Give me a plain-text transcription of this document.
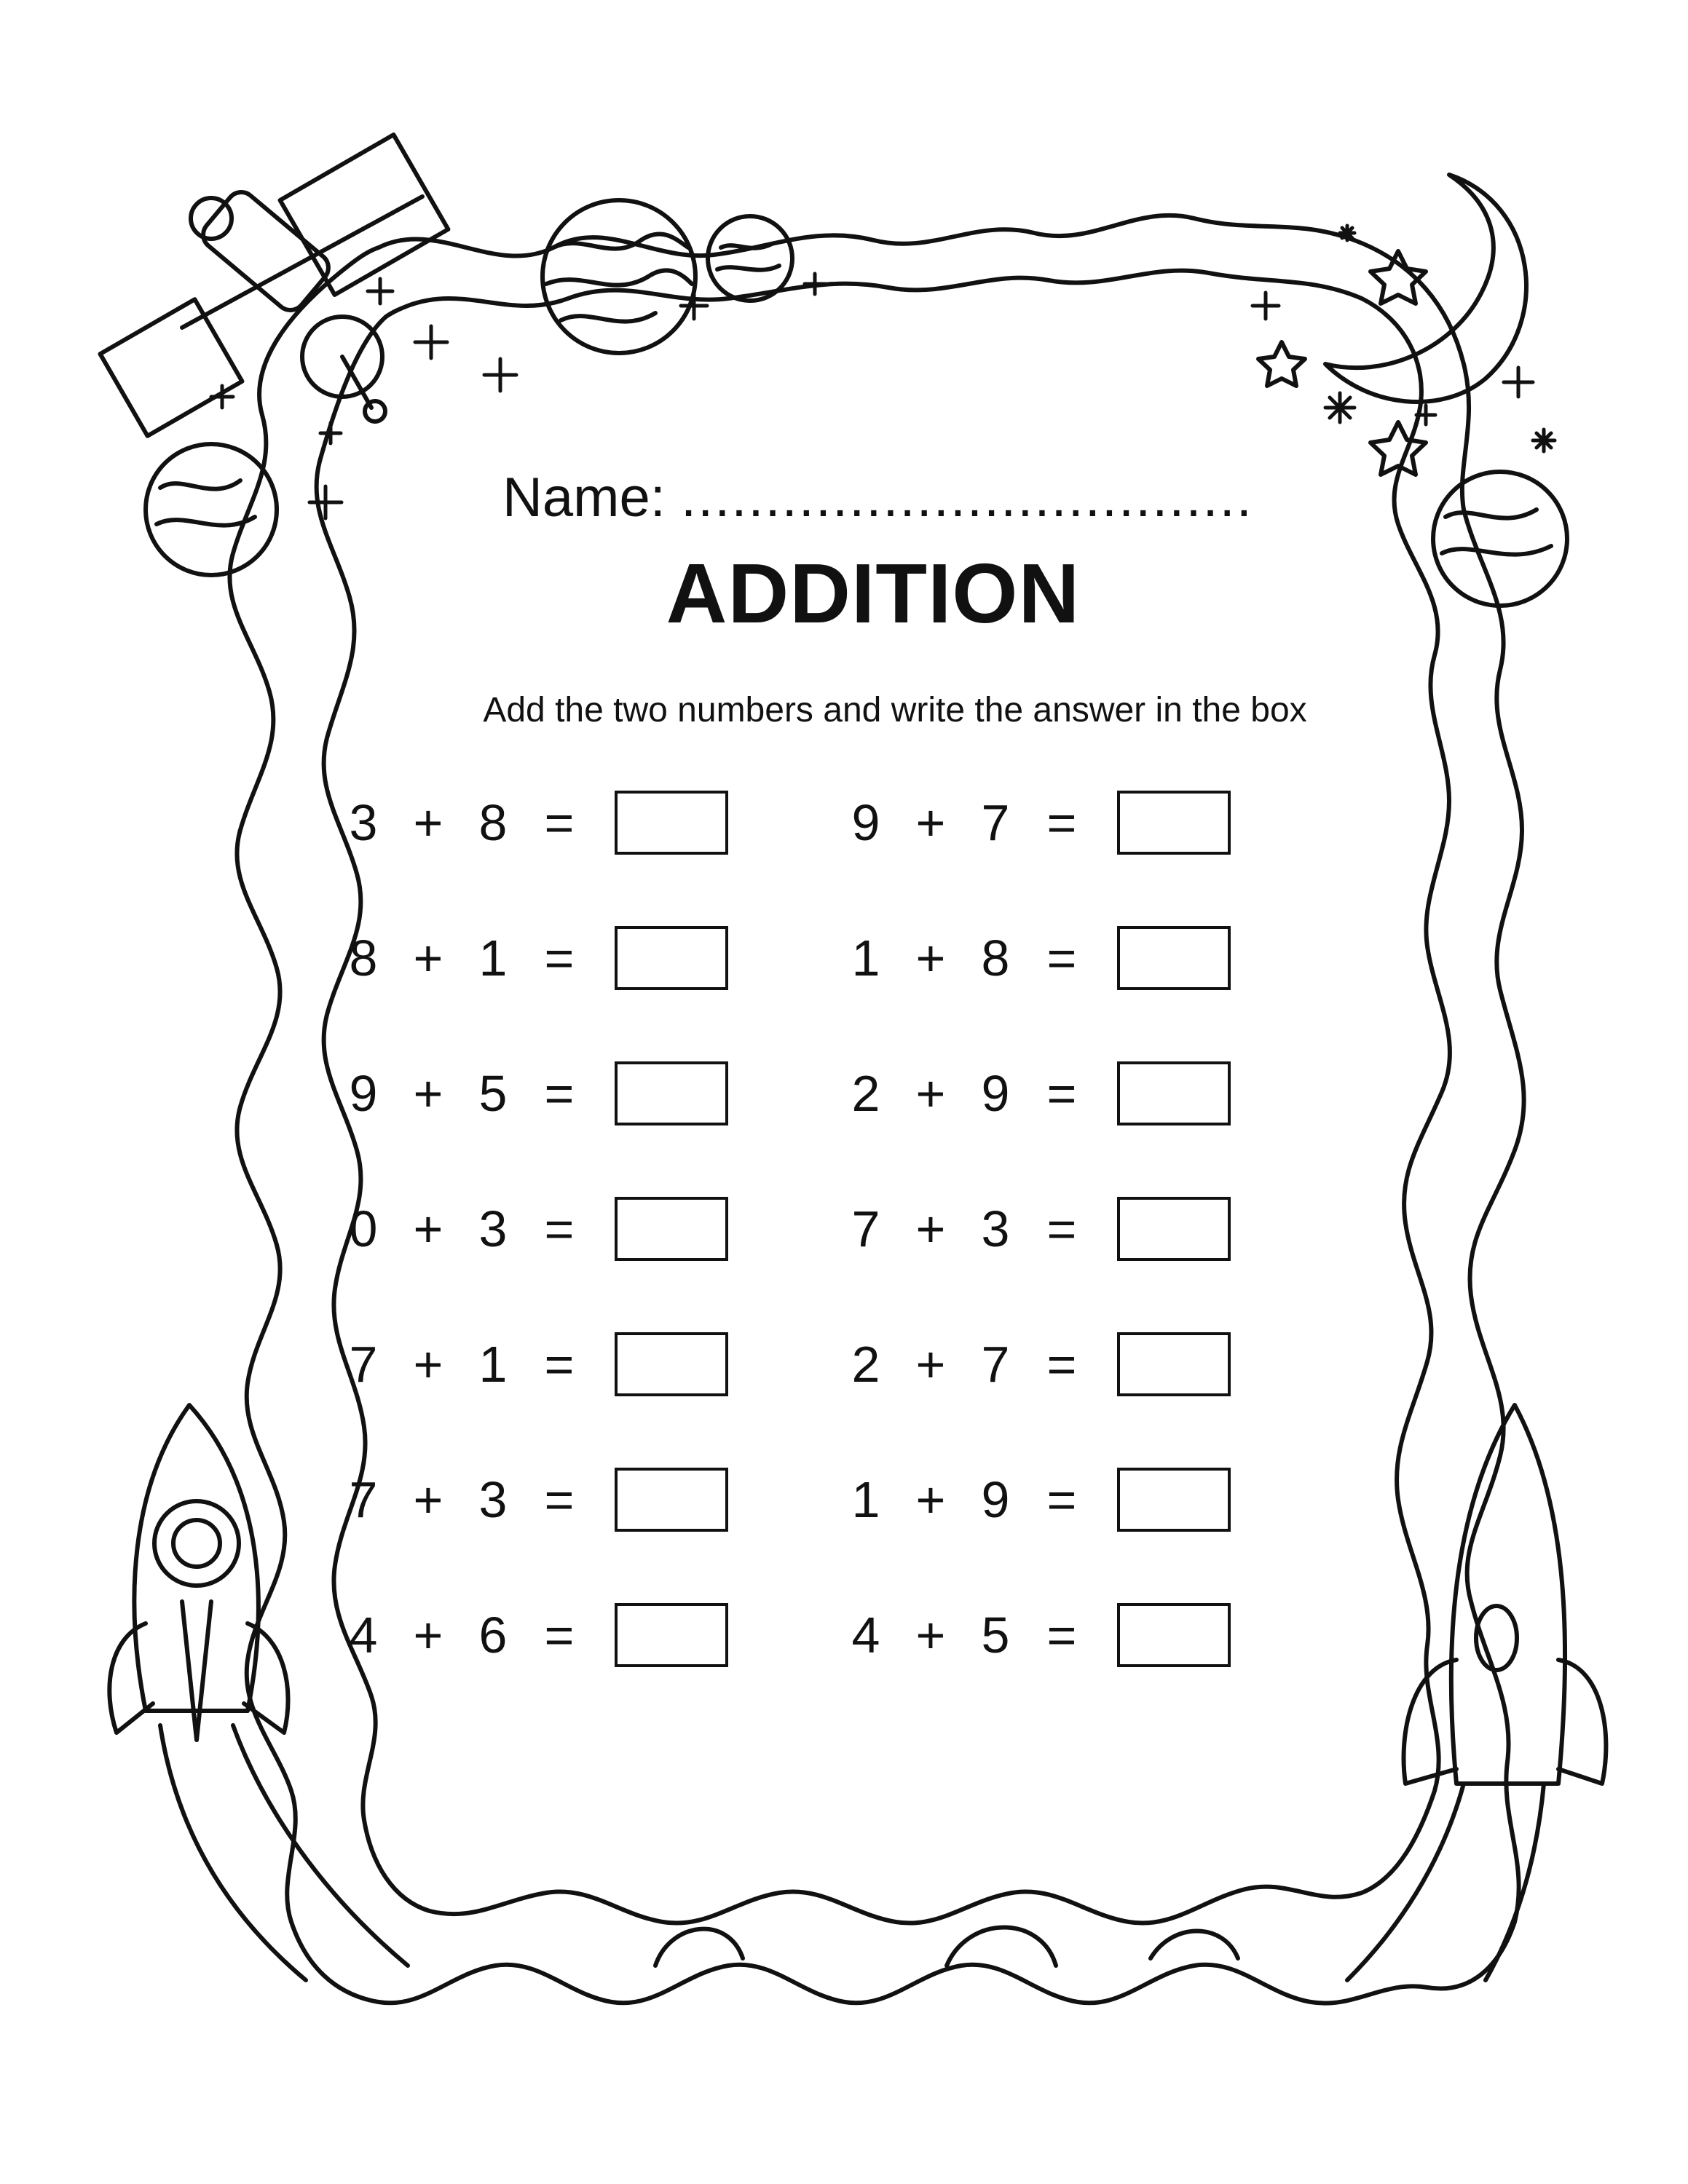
Name: ..................................
ADDITION
Add the two numbers and write the answer in the box
3 + 8 =	9 + 7 =
8 + 1 =	1 + 8 =
9 + 5 =	2 + 9 =
0 + 3 =	7 + 3 =
7 + 1 =	2 + 7 =
7 + 3 =	1 + 9 =
4 + 6 =	4 + 5 =
